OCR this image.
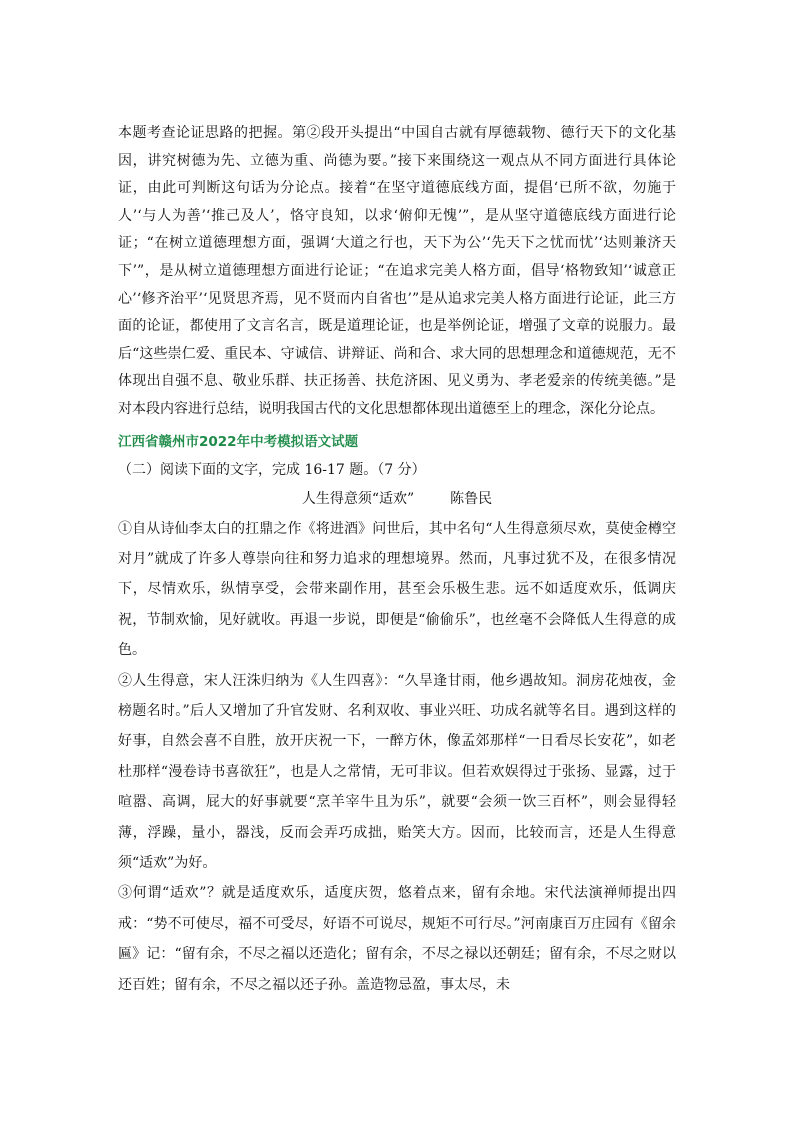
本题考查论证思路的把握。第②段开头提出“中国自古就有厚德载物、德行天下的文化基因，讲究树德为先、立德为重、尚德为要。”接下来围绕这一观点从不同方面进行具体论证，由此可判断这句话为分论点。接着“在坚守道德底线方面，提倡‘已所不欲，勿施于人’‘与人为善’‘推己及人’，恪守良知，以求‘俯仰无愧’”，是从坚守道德底线方面进行论证；“在树立道德理想方面，强调‘大道之行也，天下为公’‘先天下之忧而忧’‘达则兼济天下’”，是从树立道德理想方面进行论证；“在追求完美人格方面，倡导‘格物致知’‘诚意正心’‘修齐治平’‘见贤思齐焉，见不贤而内自省也’”是从追求完美人格方面进行论证，此三方面的论证，都使用了文言名言，既是道理论证，也是举例论证，增强了文章的说服力。最后“这些崇仁爱、重民本、守诚信、讲辩证、尚和合、求大同的思想理念和道德规范，无不体现出自强不息、敬业乐群、扶正扬善、扶危济困、见义勇为、孝老爱亲的传统美德。”是对本段内容进行总结，说明我国古代的文化思想都体现出道德至上的理念，深化分论点。

江西省赣州市2022年中考模拟语文试题

（二）阅读下面的文字，完成 16-17 题。（7 分）

人生得意须“适欢”	陈鲁民

①自从诗仙李太白的扛鼎之作《将进酒》问世后，其中名句“人生得意须尽欢，莫使金樽空对月”就成了许多人尊崇向往和努力追求的理想境界。然而，凡事过犹不及，在很多情况下，尽情欢乐，纵情享受，会带来副作用，甚至会乐极生悲。远不如适度欢乐，低调庆祝，节制欢愉，见好就收。再退一步说，即便是“偷偷乐”，也丝毫不会降低人生得意的成色。

②人生得意，宋人汪洙归纳为《人生四喜》：“久旱逢甘雨，他乡遇故知。洞房花烛夜，金榜题名时。”后人又增加了升官发财、名利双收、事业兴旺、功成名就等名目。遇到这样的好事，自然会喜不自胜，放开庆祝一下，一醉方休，像孟郊那样“一日看尽长安花”，如老杜那样“漫卷诗书喜欲狂”，也是人之常情，无可非议。但若欢娱得过于张扬、显露，过于喧嚣、高调，屁大的好事就要“烹羊宰牛且为乐”，就要“会须一饮三百杯”，则会显得轻薄，浮躁，量小，器浅，反而会弄巧成拙，贻笑大方。因而，比较而言，还是人生得意须“适欢”为好。

③何谓“适欢”？就是适度欢乐，适度庆贺，悠着点来，留有余地。宋代法演禅师提出四戒：“势不可使尽，福不可受尽，好语不可说尽，规矩不可行尽。”河南康百万庄园有《留余匾》记：“留有余，不尽之福以还造化；留有余，不尽之禄以还朝廷；留有余，不尽之财以还百姓；留有余，不尽之福以还子孙。盖造物忌盈，事太尽，未
